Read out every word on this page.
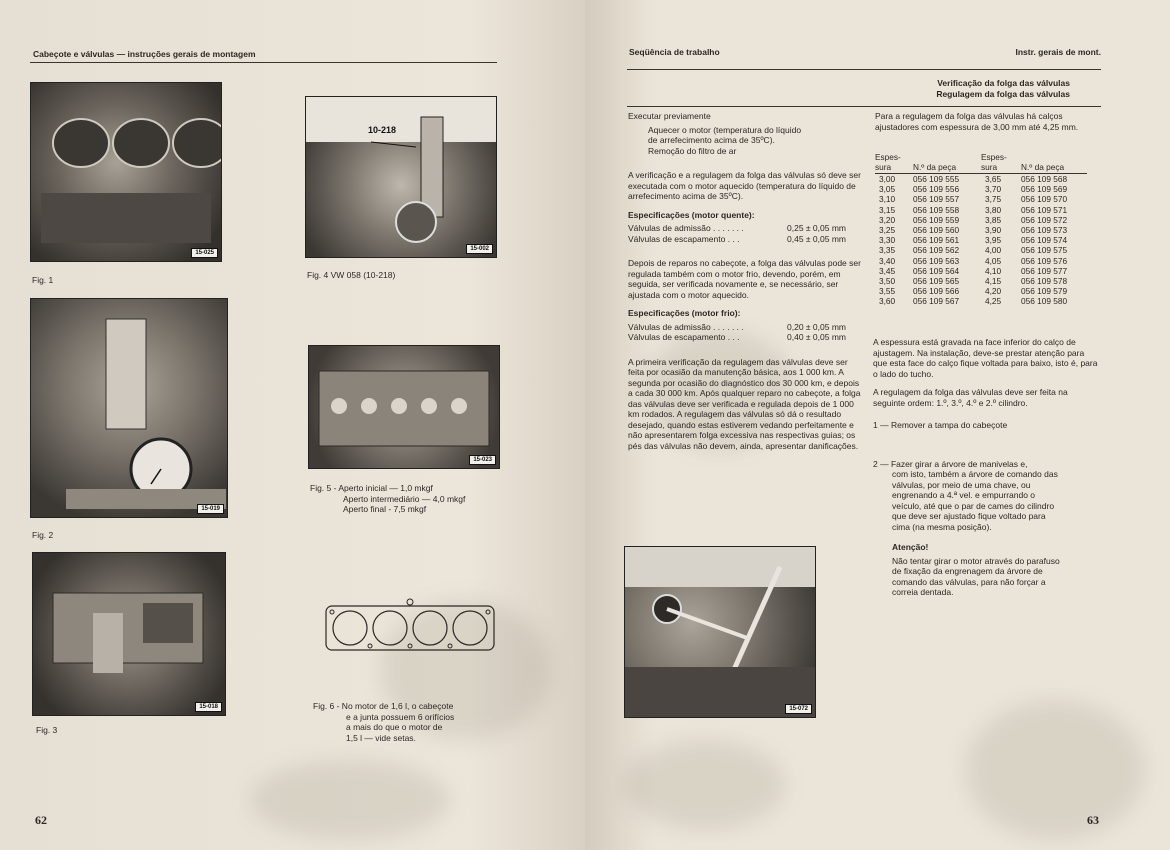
Cabeçote e válvulas — instruções gerais de montagem
15-025
Fig. 1
15-019
Fig. 2
15-018
Fig. 3
10-218
15-002
Fig. 4 VW 058 (10-218)
15-023
Fig. 5 - Aperto inicial — 1,0 mkgf
Aperto intermediário — 4,0 mkgf
Aperto final - 7,5 mkgf
Fig. 6 - No motor de 1,6 l, o cabeçote
e a junta possuem 6 orifícios
a mais do que o motor de
1,5 l — vide setas.
62
Seqüência de trabalho	Instr. gerais de mont.
Verificação da folga das válvulas
Regulagem da folga das válvulas
Executar previamente
Aquecer o motor (temperatura do líquido
de arrefecimento acima de 35ºC).
Remoção do filtro de ar

A verificação e a regulagem da folga das válvulas só deve ser executada com o motor aquecido (temperatura do líquido de arrefecimento acima de 35ºC).

Especificações (motor quente):
Válvulas de admissão . . . . . . .	0,25 ± 0,05 mm
Válvulas de escapamento . . .	0,45 ± 0,05 mm

Depois de reparos no cabeçote, a folga das válvulas pode ser regulada também com o motor frio, devendo, porém, em seguida, ser verificada novamente e, se necessário, ser ajustada com o motor aquecido.

Especificações (motor frio):
Válvulas de admissão . . . . . . .	0,20 ± 0,05 mm
Válvulas de escapamento . . .	0,40 ± 0,05 mm

A primeira verificação da regulagem das válvulas deve ser feita por ocasião da manutenção básica, aos 1 000 km. A segunda por ocasião do diagnóstico dos 30 000 km, e depois a cada 30 000 km. Após qualquer reparo no cabeçote, a folga das válvulas deve ser verificada e regulada depois de 1 000 km rodados. A regulagem das válvulas só dá o resultado desejado, quando estas estiverem vedando perfeitamente e não apresentarem folga excessiva nas respectivas guias; os pés das válvulas não devem, ainda, apresentar danificações.

15-072
Para a regulagem da folga das válvulas há calços ajustadores com espessura de 3,00 mm até 4,25 mm.
Espes- sura	N.º da peça	Espes- sura	N.º da peça
3,00	056 109 555	3,65	056 109 568
3,05	056 109 556	3,70	056 109 569
3,10	056 109 557	3,75	056 109 570
3,15	056 109 558	3,80	056 109 571
3,20	056 109 559	3,85	056 109 572
3,25	056 109 560	3,90	056 109 573
3,30	056 109 561	3,95	056 109 574
3,35	056 109 562	4,00	056 109 575
3,40	056 109 563	4,05	056 109 576
3,45	056 109 564	4,10	056 109 577
3,50	056 109 565	4,15	056 109 578
3,55	056 109 566	4,20	056 109 579
3,60	056 109 567	4,25	056 109 580

A espessura está gravada na face inferior do calço de ajustagem. Na instalação, deve-se prestar atenção para que esta face do calço fique voltada para baixo, isto é, para o lado do tucho.

A regulagem da folga das válvulas deve ser feita na seguinte ordem: 1.º, 3.º, 4.º e 2.º cilindro.

1 — Remover a tampa do cabeçote
2 — Fazer girar a árvore de manivelas e,
com isto, também a árvore de comando das válvulas, por meio de uma chave, ou engrenando a 4.ª vel. e empurrando o veículo, até que o par de cames do cilindro que deve ser ajustado fique voltado para cima (na mesma posição).
Atenção!
Não tentar girar o motor através do parafuso de fixação da engrenagem da árvore de comando das válvulas, para não forçar a correia dentada.
63
